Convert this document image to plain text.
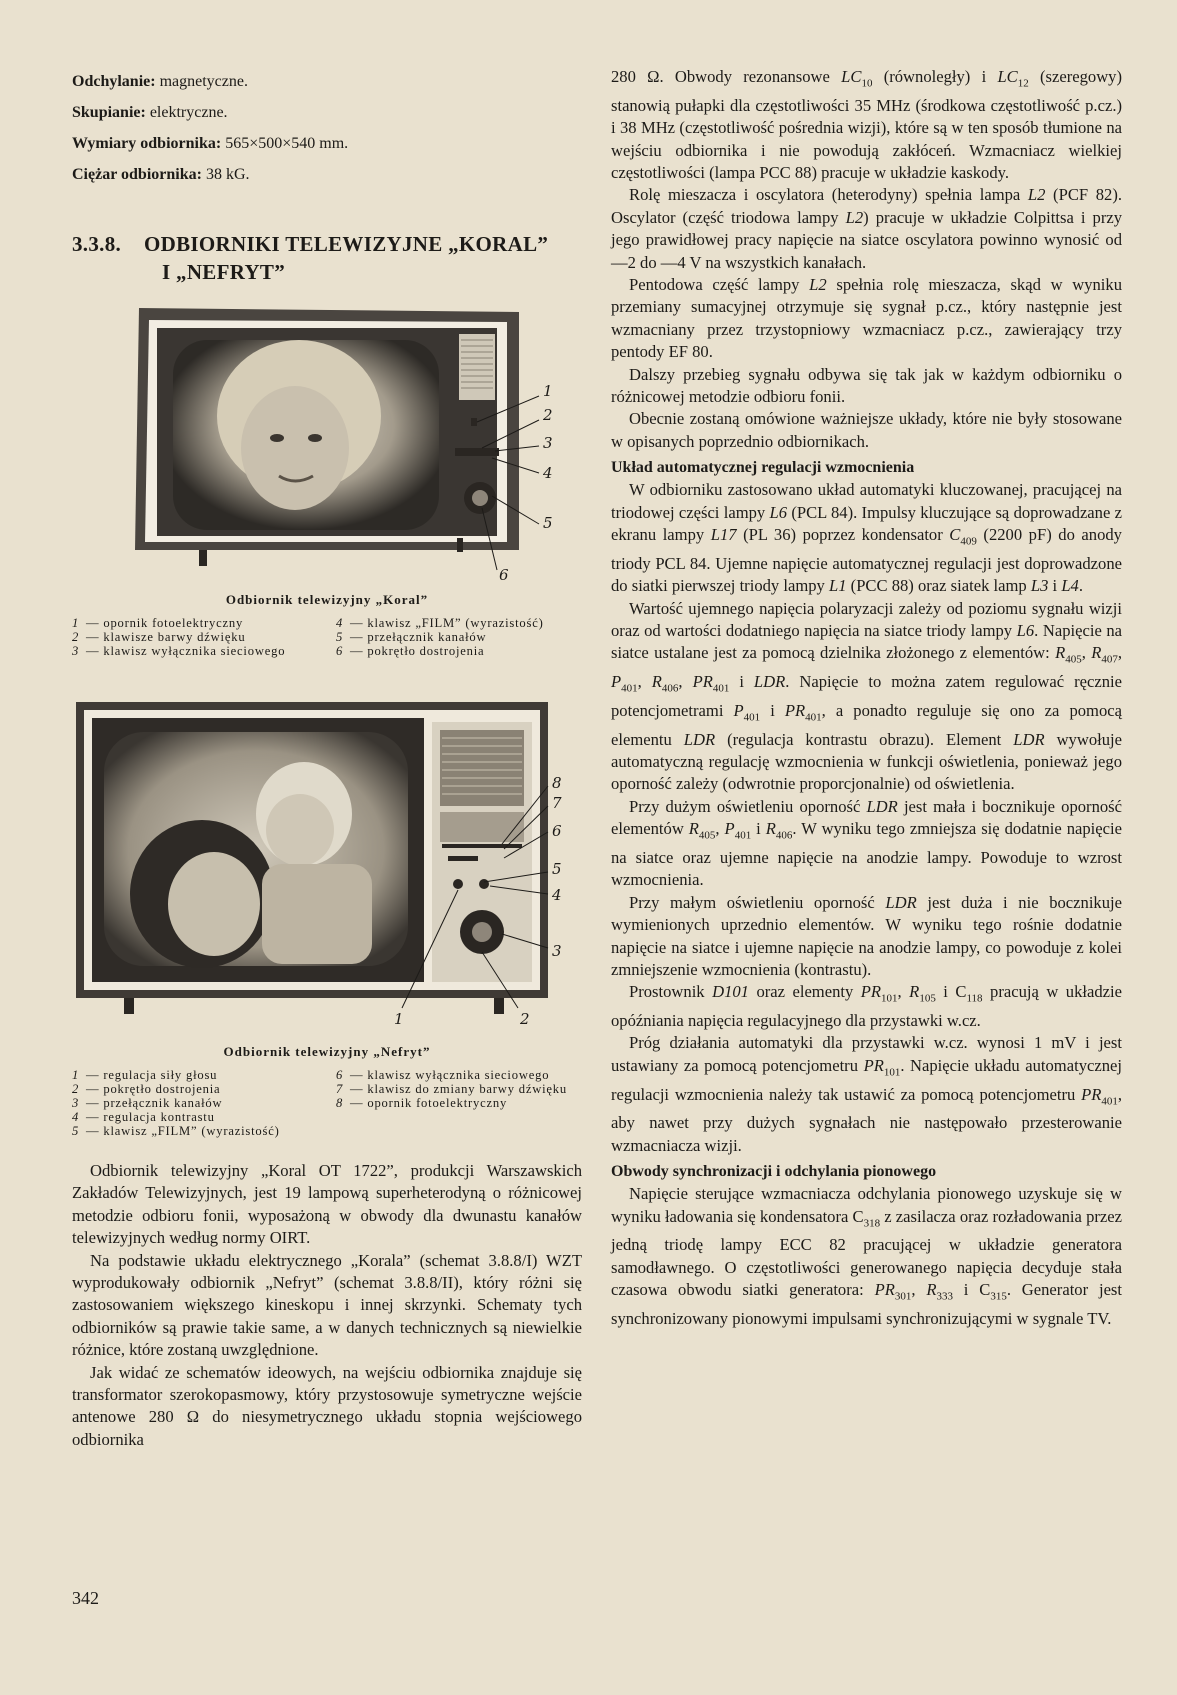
Odchylanie: magnetyczne.

Skupianie: elektryczne.

Wymiary odbiornika: 565×500×540 mm.

Ciężar odbiornika: 38 kG.

3.3.8. ODBIORNIKI TELEWIZYJNE „KORAL”
I „NEFRYT”
1
2
3
4
5
6
Odbiornik telewizyjny „Koral”
1 — opornik fotoelektryczny
2 — klawisze barwy dźwięku
3 — klawisz wyłącznika sieciowego
4 — klawisz „FILM” (wyrazistość)
5 — przełącznik kanałów
6 — pokrętło dostrojenia
8
7
6
5
4
3
1	2
Odbiornik telewizyjny „Nefryt”
1 — regulacja siły głosu
2 — pokrętło dostrojenia
3 — przełącznik kanałów
4 — regulacja kontrastu
5 — klawisz „FILM” (wyrazistość)
6 — klawisz wyłącznika sieciowego
7 — klawisz do zmiany barwy dźwięku
8 — opornik fotoelektryczny

Odbiornik telewizyjny „Koral OT 1722”, produkcji Warszawskich Zakładów Telewizyjnych, jest 19 lampową superheterodyną o różnicowej metodzie odbioru fonii, wyposażoną w obwody dla dwunastu kanałów telewizyjnych według normy OIRT.

Na podstawie układu elektrycznego „Korala” (schemat 3.8.8/I) WZT wyprodukowały odbiornik „Nefryt” (schemat 3.8.8/II), który różni się zastosowaniem większego kineskopu i innej skrzynki. Schematy tych odbiorników są prawie takie same, a w danych technicznych są niewielkie różnice, które zostaną uwzględnione.

Jak widać ze schematów ideowych, na wejściu odbiornika znajduje się transformator szerokopasmowy, który przystosowuje symetryczne wejście antenowe 280 Ω do niesymetrycznego układu stopnia wejściowego odbiornika

280 Ω. Obwody rezonansowe $LC_{10}$ (równoległy) i $LC_{12}$ (szeregowy) stanowią pułapki dla częstotliwości 35 MHz (środkowa częstotliwość p.cz.) i 38 MHz (częstotliwość pośrednia wizji), które są w ten sposób tłumione na wejściu odbiornika i nie powodują zakłóceń. Wzmacniacz wielkiej częstotliwości (lampa PCC 88) pracuje w układzie kaskody.

Rolę mieszacza i oscylatora (heterodyny) spełnia lampa L2 (PCF 82). Oscylator (część triodowa lampy L2) pracuje w układzie Colpittsa i przy jego prawidłowej pracy napięcie na siatce oscylatora powinno wynosić od —2 do —4 V na wszystkich kanałach.

Pentodowa część lampy L2 spełnia rolę mieszacza, skąd w wyniku przemiany sumacyjnej otrzymuje się sygnał p.cz., który następnie jest wzmacniany przez trzystopniowy wzmacniacz p.cz., zawierający trzy pentody EF 80.

Dalszy przebieg sygnału odbywa się tak jak w każdym odbiorniku o różnicowej metodzie odbioru fonii.

Obecnie zostaną omówione ważniejsze układy, które nie były stosowane w opisanych poprzednio odbiornikach.

Układ automatycznej regulacji wzmocnienia

W odbiorniku zastosowano układ automatyki kluczowanej, pracującej na triodowej części lampy L6 (PCL 84). Impulsy kluczujące są doprowadzane z ekranu lampy L17 (PL 36) poprzez kondensator $C_{409}$ (2200 pF) do anody triody PCL 84. Ujemne napięcie automatycznej regulacji jest doprowadzone do siatki pierwszej triody lampy L1 (PCC 88) oraz siatek lamp L3 i L4.

Wartość ujemnego napięcia polaryzacji zależy od poziomu sygnału wizji oraz od wartości dodatniego napięcia na siatce triody lampy L6. Napięcie na siatce ustalane jest za pomocą dzielnika złożonego z elementów: $R_{405}$, $R_{407}$, $P_{401}$, $R_{406}$, $PR_{401}$ i LDR. Napięcie to można zatem regulować ręcznie potencjometrami $P_{401}$ i $PR_{401}$, a ponadto reguluje się ono za pomocą elementu LDR (regulacja kontrastu obrazu). Element LDR wywołuje automatyczną regulację wzmocnienia w funkcji oświetlenia, ponieważ jego oporność zależy (odwrotnie proporcjonalnie) od oświetlenia.

Przy dużym oświetleniu oporność LDR jest mała i bocznikuje oporność elementów $R_{405}$, $P_{401}$ i $R_{406}$. W wyniku tego zmniejsza się dodatnie napięcie na siatce oraz ujemne napięcie na anodzie lampy. Powoduje to wzrost wzmocnienia.

Przy małym oświetleniu oporność LDR jest duża i nie bocznikuje wymienionych uprzednio elementów. W wyniku tego rośnie dodatnie napięcie na siatce i ujemne napięcie na anodzie lampy, co powoduje z kolei zmniejszenie wzmocnienia (kontrastu).

Prostownik D101 oraz elementy $PR_{101}$, $R_{105}$ i $C_{118}$ pracują w układzie opóźniania napięcia regulacyjnego dla przystawki w.cz.

Próg działania automatyki dla przystawki w.cz. wynosi 1 mV i jest ustawiany za pomocą potencjometru $PR_{101}$. Napięcie układu automatycznej regulacji wzmocnienia należy tak ustawić za pomocą potencjometru $PR_{401}$, aby nawet przy dużych sygnałach nie następowało przesterowanie wzmacniacza wizji.

Obwody synchronizacji i odchylania pionowego

Napięcie sterujące wzmacniacza odchylania pionowego uzyskuje się w wyniku ładowania się kondensatora $C_{318}$ z zasilacza oraz rozładowania przez jedną triodę lampy ECC 82 pracującej w układzie generatora samodławnego. O częstotliwości generowanego napięcia decyduje stała czasowa obwodu siatki generatora: $PR_{301}$, $R_{333}$ i $C_{315}$. Generator jest synchronizowany pionowymi impulsami synchronizującymi w sygnale TV.

342
